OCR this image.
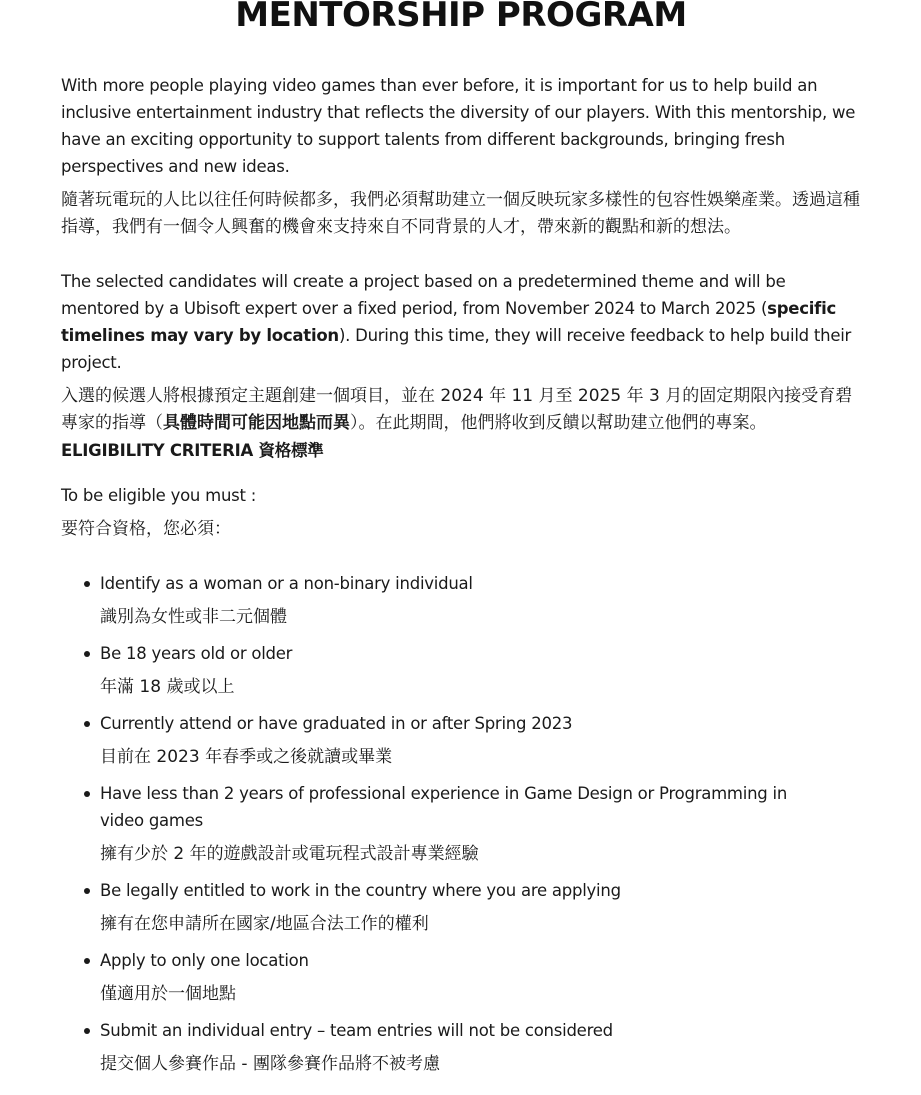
MENTORSHIP PROGRAM

With more people playing video games than ever before, it is important for us to help build an inclusive entertainment industry that reflects the diversity of our players. With this mentorship, we have an exciting opportunity to support talents from different backgrounds, bringing fresh perspectives and new ideas.

隨著玩電玩的人比以往任何時候都多，我們必須幫助建立一個反映玩家多樣性的包容性娛樂產業。透過這種指導，我們有一個令人興奮的機會來支持來自不同背景的人才，帶來新的觀點和新的想法。

The selected candidates will create a project based on a predetermined theme and will be mentored by a Ubisoft expert over a fixed period, from November 2024 to March 2025 (specific timelines may vary by location). During this time, they will receive feedback to help build their project.

入選的候選人將根據預定主題創建一個項目，並在 2024 年 11 月至 2025 年 3 月的固定期限內接受育碧專家的指導（具體時間可能因地點而異）。在此期間，他們將收到反饋以幫助建立他們的專案。

ELIGIBILITY CRITERIA 資格標準

To be eligible you must :

要符合資格，您必須：

Identify as a woman or a non-binary individual

識別為女性或非二元個體

Be 18 years old or older

年滿 18 歲或以上

Currently attend or have graduated in or after Spring 2023

目前在 2023 年春季或之後就讀或畢業

Have less than 2 years of professional experience in Game Design or Programming in video games

擁有少於 2 年的遊戲設計或電玩程式設計專業經驗

Be legally entitled to work in the country where you are applying

擁有在您申請所在國家/地區合法工作的權利

Apply to only one location

僅適用於一個地點

Submit an individual entry – team entries will not be considered

提交個人參賽作品 - 團隊參賽作品將不被考慮
